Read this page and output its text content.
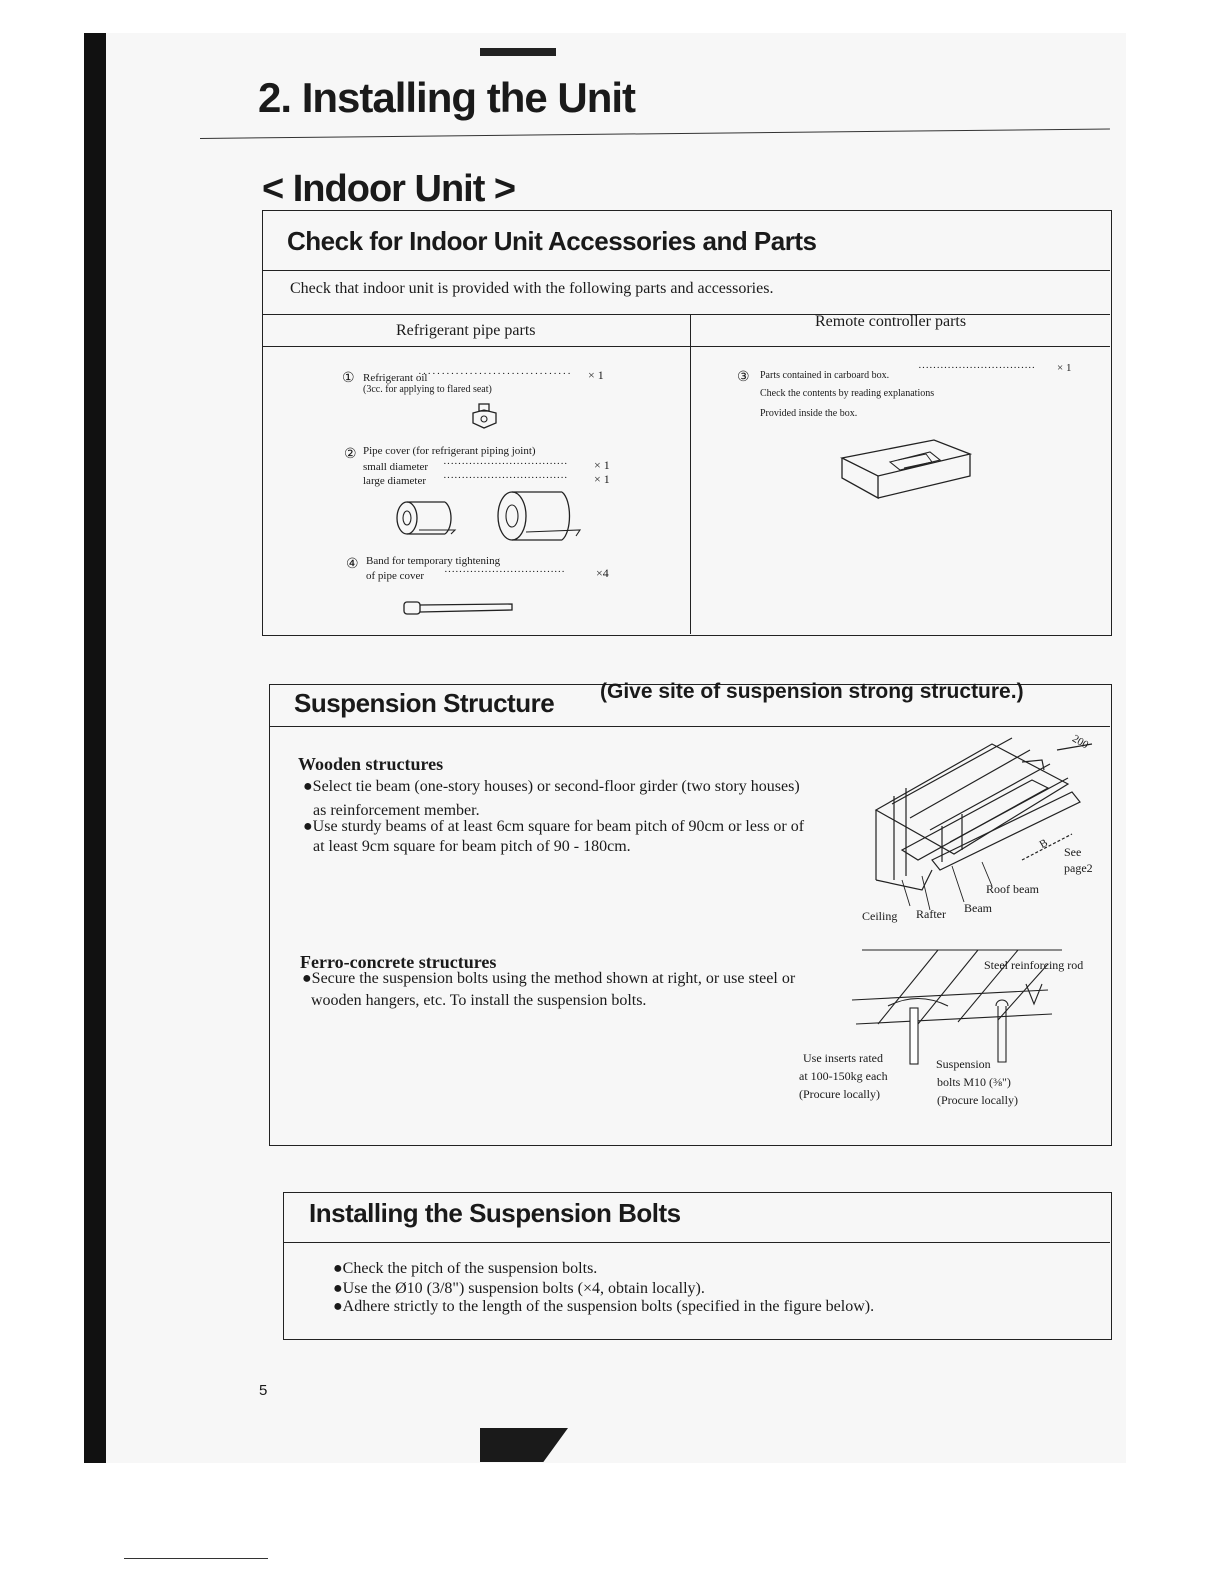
2. Installing the Unit
< Indoor Unit >
Check for Indoor Unit Accessories and Parts
Check that indoor unit is provided with the following parts and accessories.
Refrigerant pipe parts
Remote controller parts
① Refrigerant oil
································· × 1
(3cc. for applying to flared seat)
② Pipe cover (for refrigerant piping joint)
small diameter ·································· × 1
large diameter ·································· × 1
④ Band for temporary tightening
of pipe cover ·································	×4
③ Parts contained in carboard box.
································ × 1
Check the contents by reading explanations
Provided inside the box.
Suspension Structure (Give site of suspension strong structure.)
Wooden structures
●Select tie beam (one-story houses) or second-floor girder (two story houses)
as reinforcement member.
●Use sturdy beams of at least 6cm square for beam pitch of 90cm or less or of
at least 9cm square for beam pitch of 90 - 180cm.
200
B
See
page2
Roof beam
Beam
Ceiling Rafter
Ferro-concrete structures
●Secure the suspension bolts using the method shown at right, or use steel or
wooden hangers, etc. To install the suspension bolts.
Steel reinforcing rod
Use inserts rated
at 100-150kg each
(Procure locally)
Suspension
bolts M10 (⅜")
(Procure locally)
Installing the Suspension Bolts
●Check the pitch of the suspension bolts.
●Use the Ø10 (3/8") suspension bolts (×4, obtain locally).
●Adhere strictly to the length of the suspension bolts (specified in the figure below).
5
